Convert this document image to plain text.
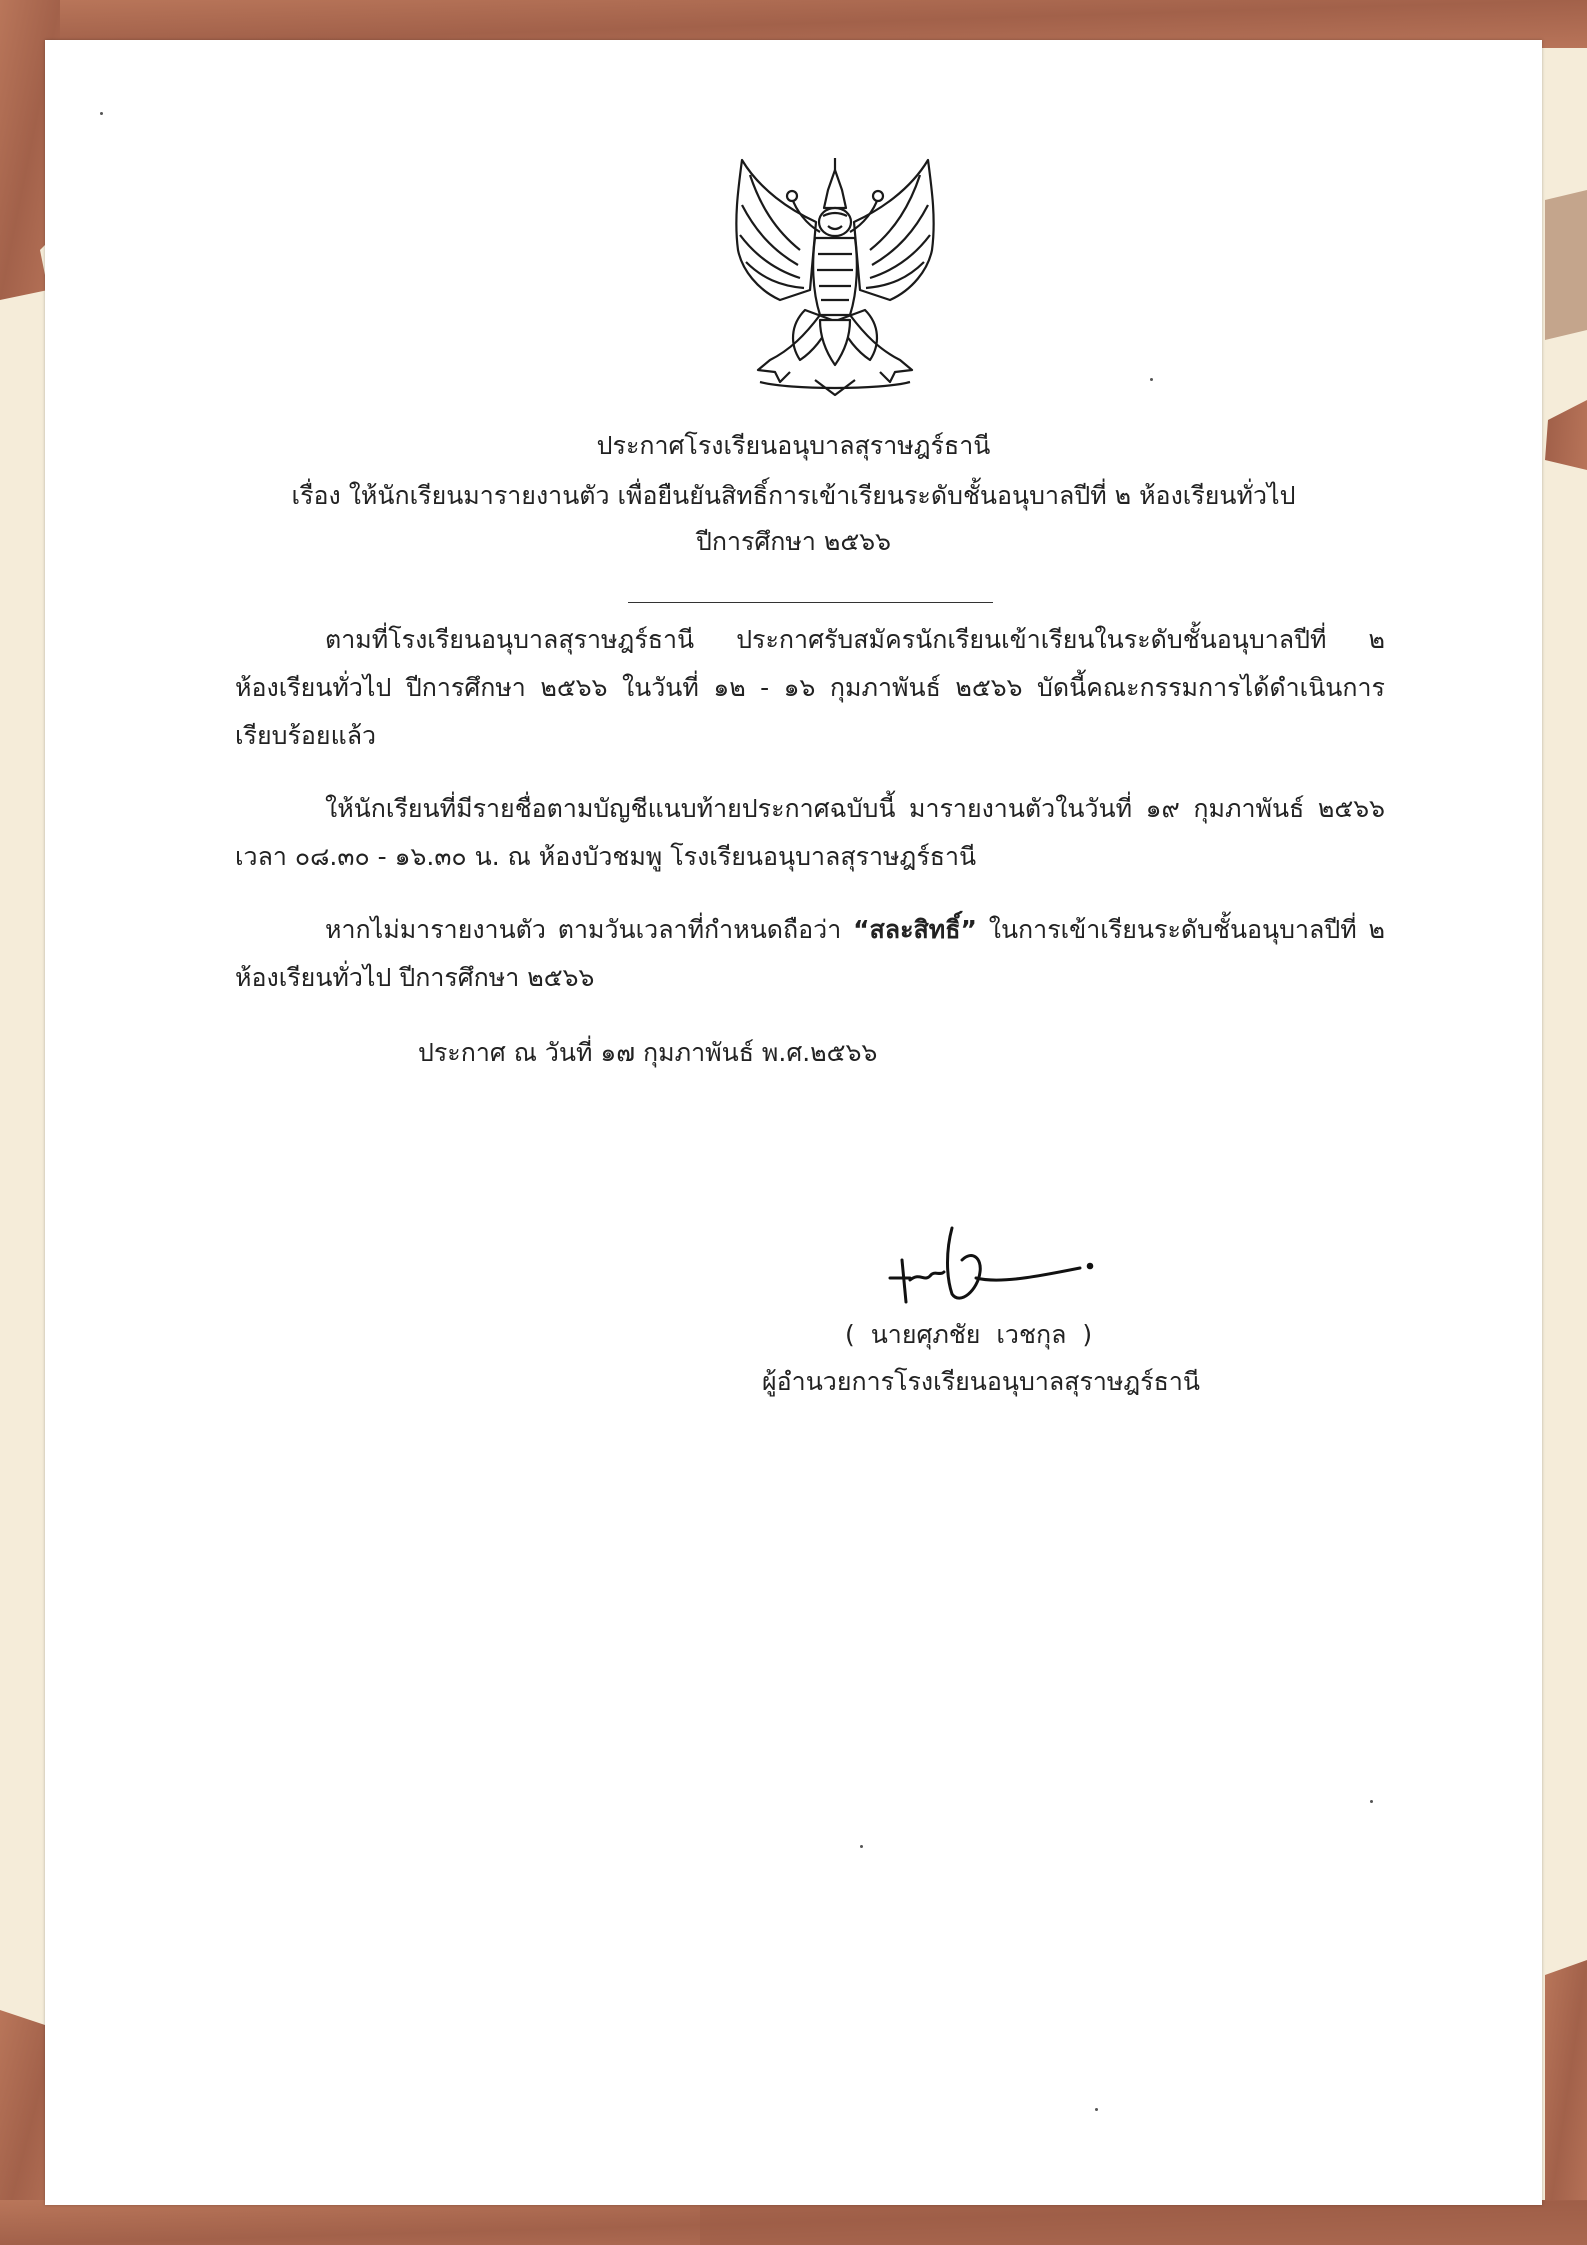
ประกาศโรงเรียนอนุบาลสุราษฎร์ธานี
เรื่อง ให้นักเรียนมารายงานตัว เพื่อยืนยันสิทธิ์การเข้าเรียนระดับชั้นอนุบาลปีที่ ๒ ห้องเรียนทั่วไป
ปีการศึกษา ๒๕๖๖
ตามที่โรงเรียนอนุบาลสุราษฎร์ธานี ประกาศรับสมัครนักเรียนเข้าเรียนในระดับชั้นอนุบาลปีที่ ๒ ห้องเรียนทั่วไป ปีการศึกษา ๒๕๖๖ ในวันที่ ๑๒ - ๑๖ กุมภาพันธ์ ๒๕๖๖ บัดนี้คณะกรรมการได้ดำเนินการเรียบร้อยแล้ว
ให้นักเรียนที่มีรายชื่อตามบัญชีแนบท้ายประกาศฉบับนี้ มารายงานตัวในวันที่ ๑๙ กุมภาพันธ์ ๒๕๖๖ เวลา ๐๘.๓๐ - ๑๖.๓๐ น. ณ ห้องบัวชมพู โรงเรียนอนุบาลสุราษฎร์ธานี
หากไม่มารายงานตัว ตามวันเวลาที่กำหนดถือว่า “สละสิทธิ์” ในการเข้าเรียนระดับชั้นอนุบาลปีที่ ๒ ห้องเรียนทั่วไป ปีการศึกษา ๒๕๖๖
ประกาศ ณ วันที่ ๑๗ กุมภาพันธ์ พ.ศ.๒๕๖๖
( นายศุภชัย เวชกุล )
ผู้อำนวยการโรงเรียนอนุบาลสุราษฎร์ธานี
